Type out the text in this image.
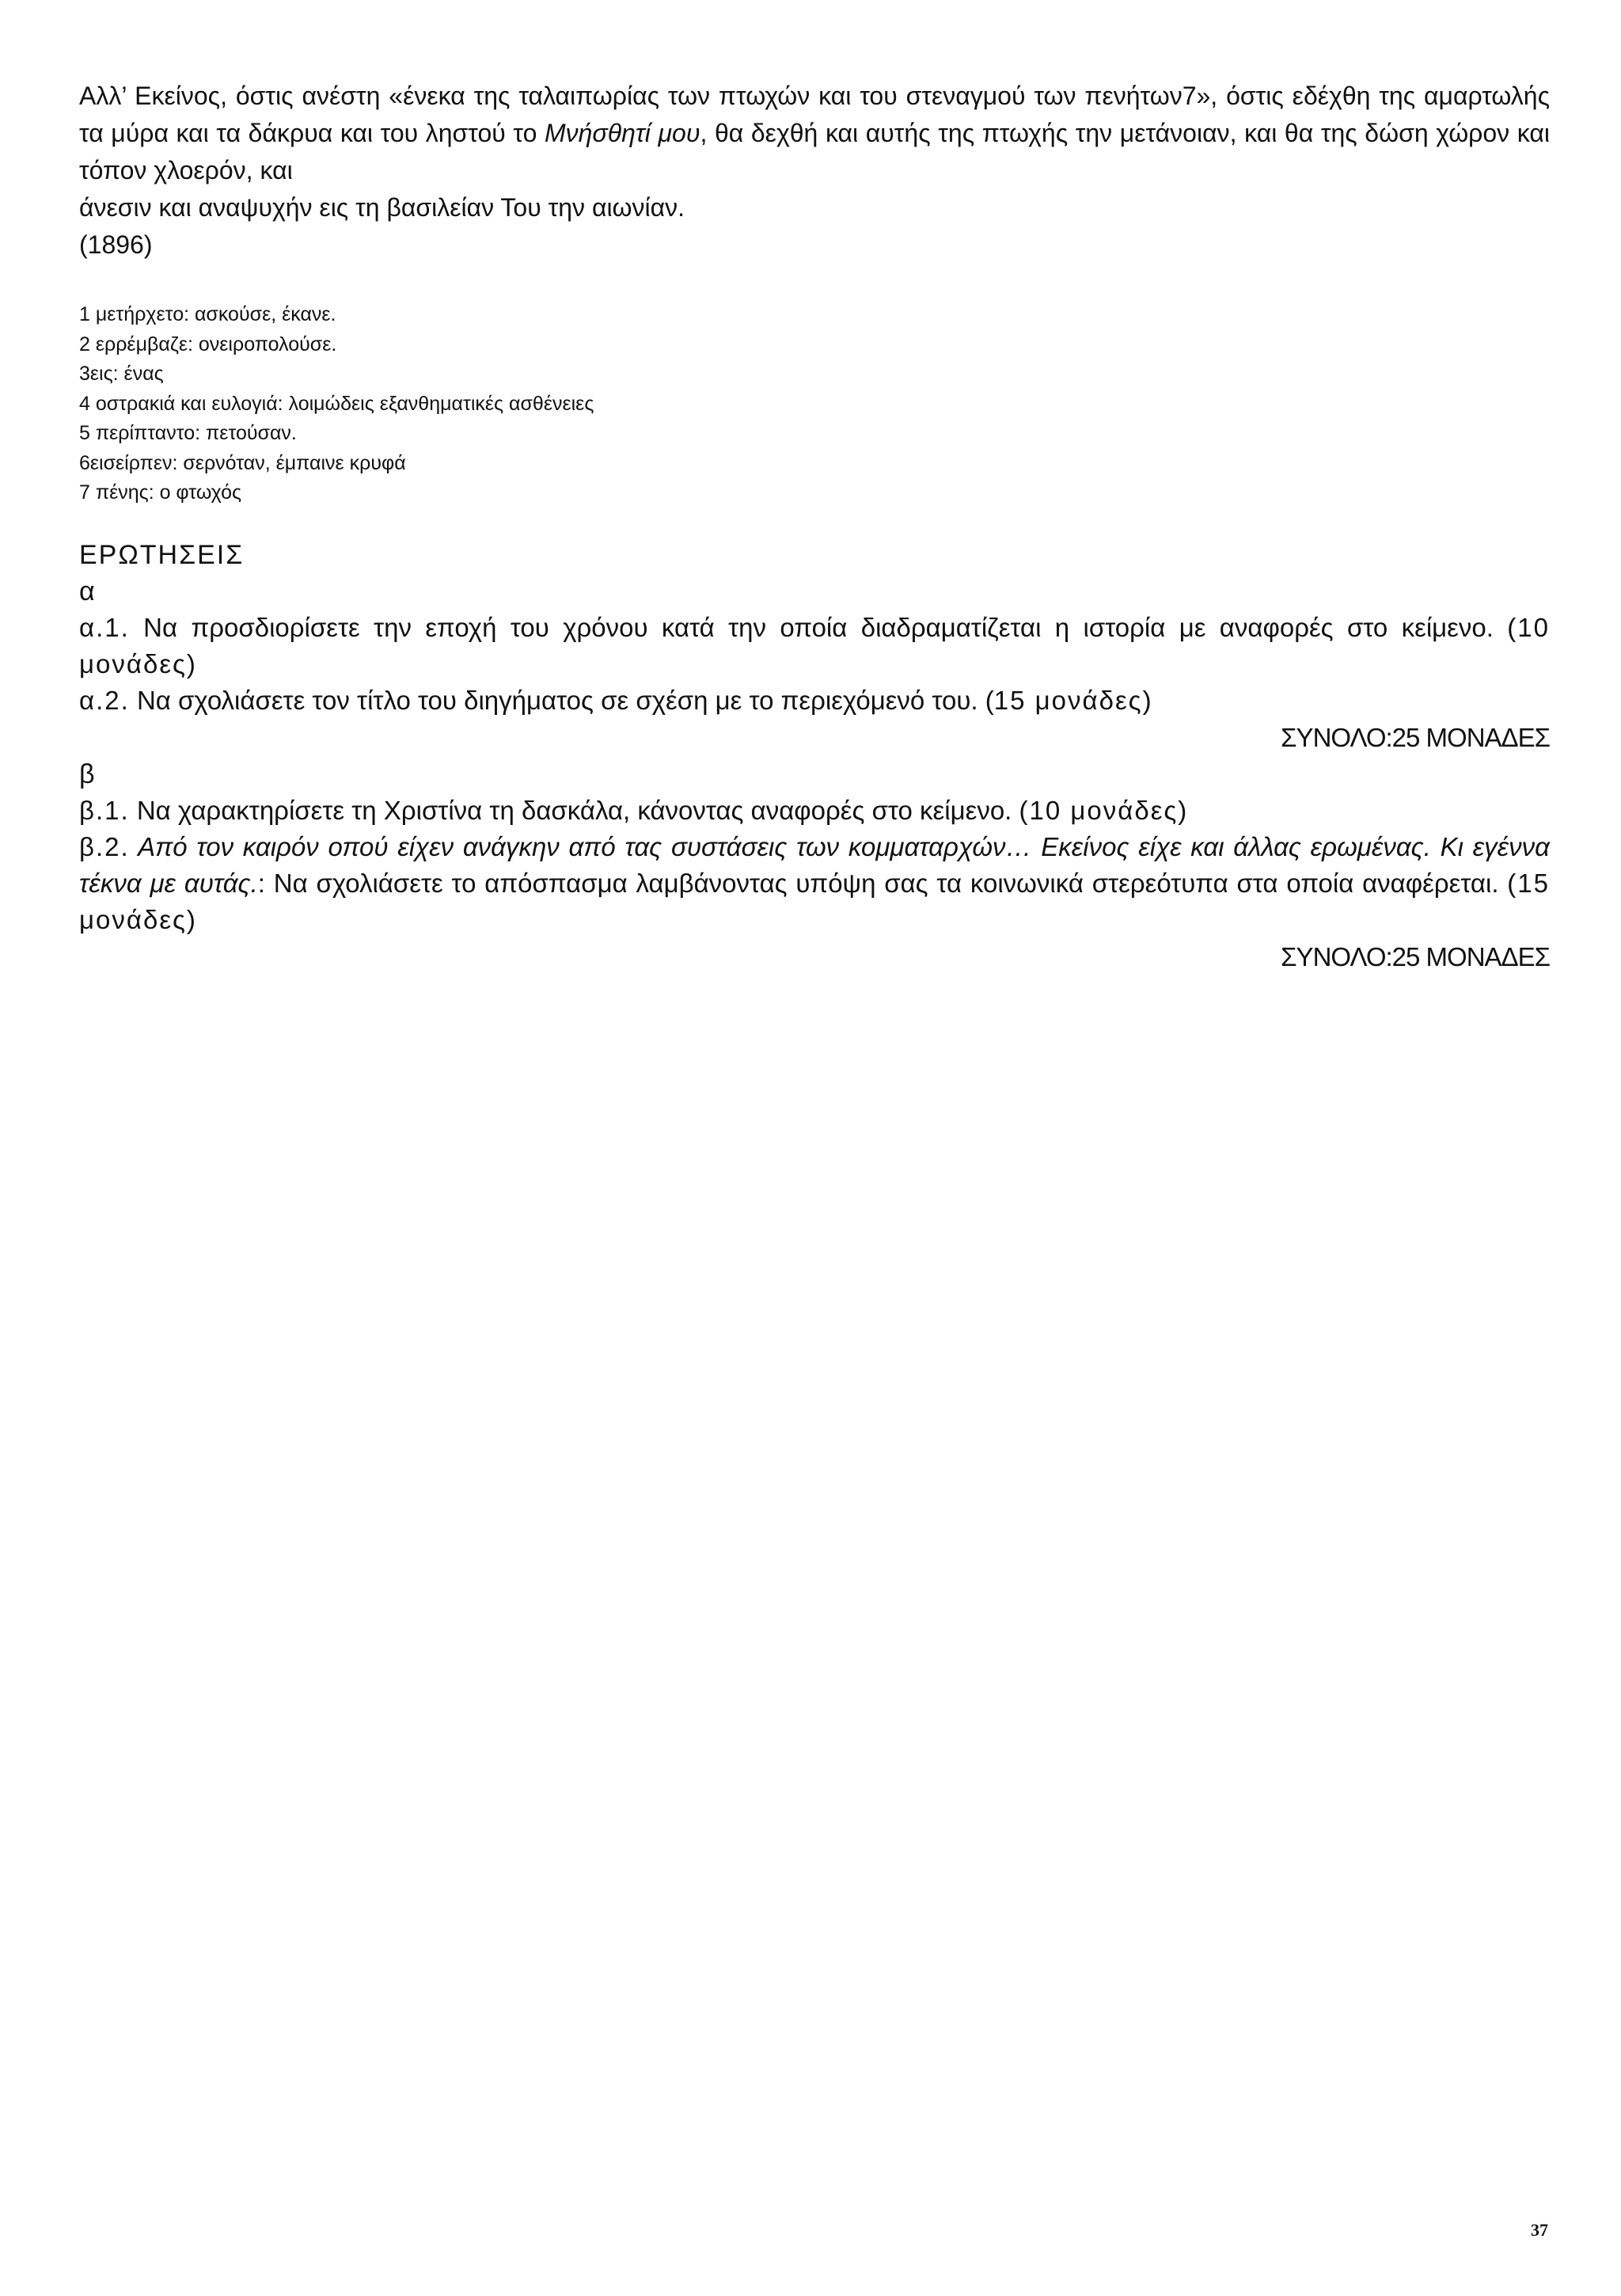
Αλλ’ Εκείνος, όστις ανέστη «ένεκα της ταλαιπωρίας των πτωχών και του στεναγμού των πενήτων7», όστις εδέχθη της αμαρτωλής τα μύρα και τα δάκρυα και του ληστού το Μνήσθητί μου, θα δεχθή και αυτής της πτωχής την μετάνοιαν, και θα της δώση χώρον και τόπον χλοερόν, και

άνεσιν και αναψυχήν εις τη βασιλείαν Του την αιωνίαν.

(1896)

1 μετήρχετο: ασκούσε, έκανε.

2 ερρέμβαζε: ονειροπολούσε.

3εις: ένας

4 οστρακιά και ευλογιά: λοιμώδεις εξανθηματικές ασθένειες

5 περίπταντο: πετούσαν.

6εισείρπεν: σερνόταν, έμπαινε κρυφά

7 πένης: ο φτωχός

ΕΡΩΤΗΣΕΙΣ

α

α.1. Να προσδιορίσετε την εποχή του χρόνου κατά την οποία διαδραματίζεται η ιστορία με αναφορές στο κείμενο. (10 μονάδες)

α.2. Να σχολιάσετε τον τίτλο του διηγήματος σε σχέση με το περιεχόμενό του. (15 μονάδες)

ΣΥΝΟΛΟ:25 ΜΟΝΑΔΕΣ

β

β.1. Να χαρακτηρίσετε τη Χριστίνα τη δασκάλα, κάνοντας αναφορές στο κείμενο. (10 μονάδες)

β.2. Από τον καιρόν οπού είχεν ανάγκην από τας συστάσεις των κομματαρχών… Εκείνος είχε και άλλας ερωμένας. Κι εγέννα τέκνα με αυτάς.: Να σχολιάσετε το απόσπασμα λαμβάνοντας υπόψη σας τα κοινωνικά στερεότυπα στα οποία αναφέρεται. (15 μονάδες)

ΣΥΝΟΛΟ:25 ΜΟΝΑΔΕΣ

37
